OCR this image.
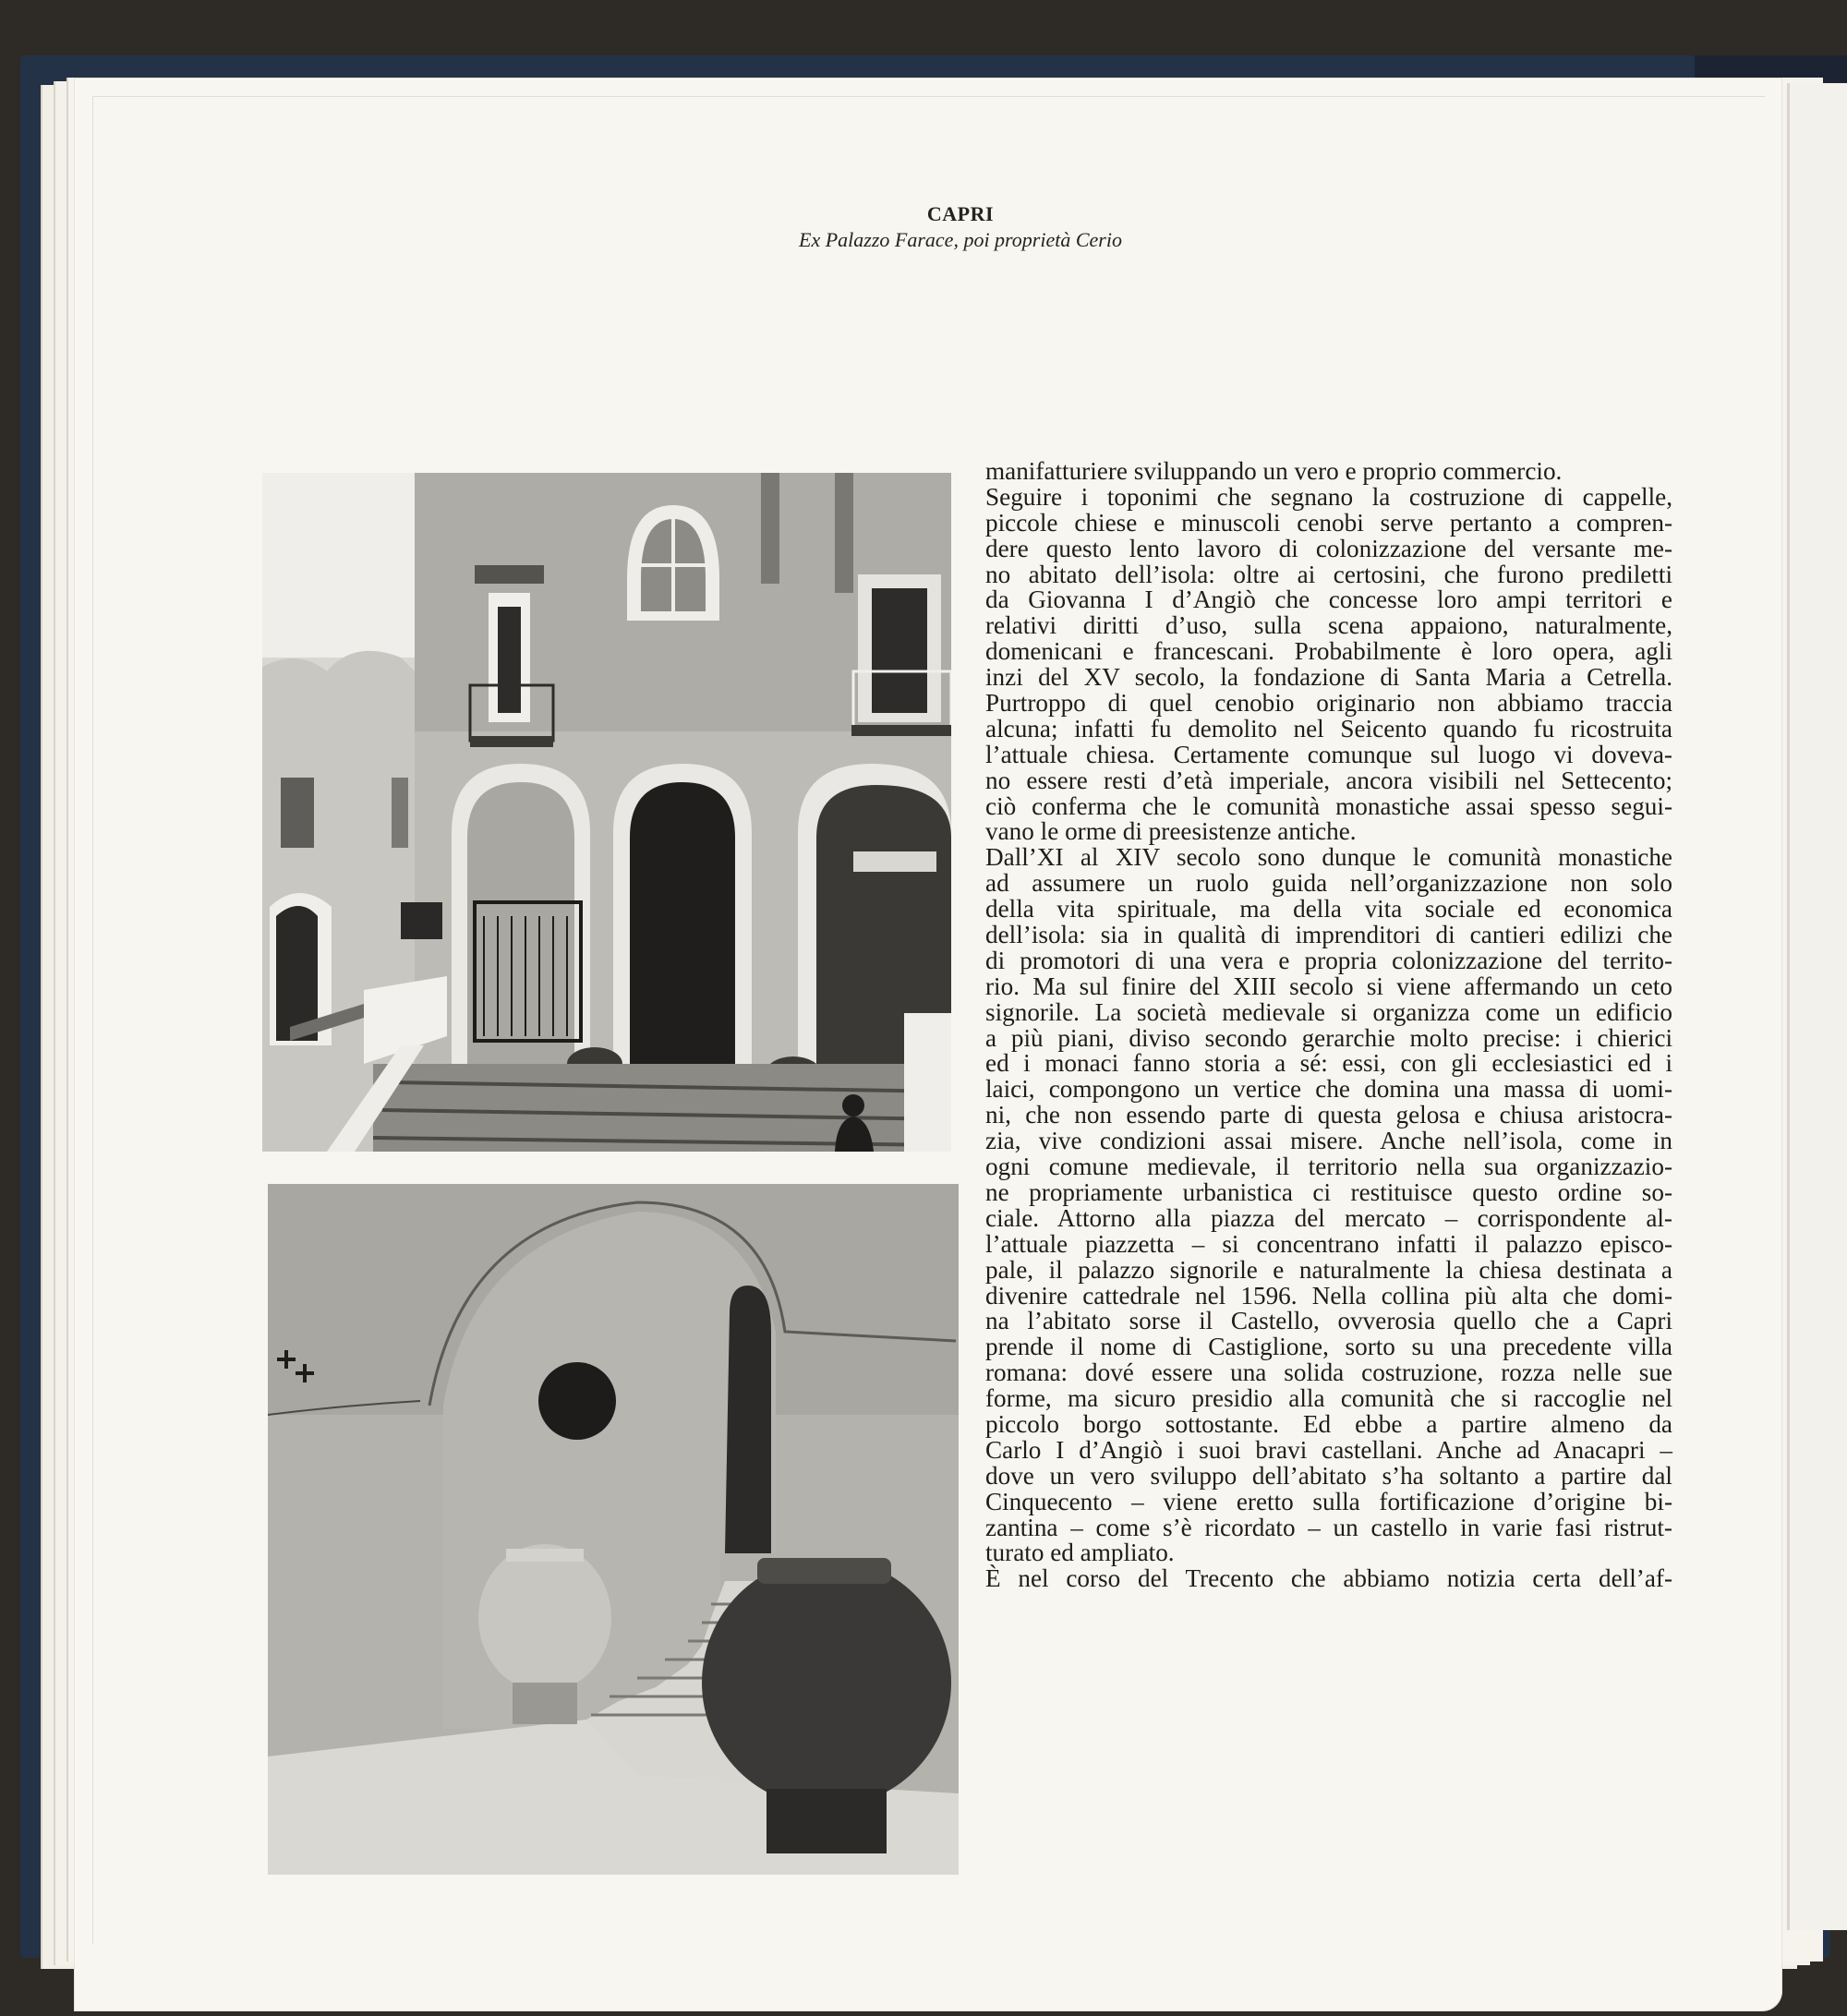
CAPRI
Ex Palazzo Farace, poi proprietà Cerio
manifatturiere sviluppando un vero e proprio commercio.
Seguire i toponimi che segnano la costruzione di cappelle,
piccole chiese e minuscoli cenobi serve pertanto a compren-
dere questo lento lavoro di colonizzazione del versante me-
no abitato dell’isola: oltre ai certosini, che furono prediletti
da Giovanna I d’Angiò che concesse loro ampi territori e
relativi diritti d’uso, sulla scena appaiono, naturalmente,
domenicani e francescani. Probabilmente è loro opera, agli
inzi del XV secolo, la fondazione di Santa Maria a Cetrella.
Purtroppo di quel cenobio originario non abbiamo traccia
alcuna; infatti fu demolito nel Seicento quando fu ricostruita
l’attuale chiesa. Certamente comunque sul luogo vi doveva-
no essere resti d’età imperiale, ancora visibili nel Settecento;
ciò conferma che le comunità monastiche assai spesso segui-
vano le orme di preesistenze antiche.
Dall’XI al XIV secolo sono dunque le comunità monastiche
ad assumere un ruolo guida nell’organizzazione non solo
della vita spirituale, ma della vita sociale ed economica
dell’isola: sia in qualità di imprenditori di cantieri edilizi che
di promotori di una vera e propria colonizzazione del territo-
rio. Ma sul finire del XIII secolo si viene affermando un ceto
signorile. La società medievale si organizza come un edificio
a più piani, diviso secondo gerarchie molto precise: i chierici
ed i monaci fanno storia a sé: essi, con gli ecclesiastici ed i
laici, compongono un vertice che domina una massa di uomi-
ni, che non essendo parte di questa gelosa e chiusa aristocra-
zia, vive condizioni assai misere. Anche nell’isola, come in
ogni comune medievale, il territorio nella sua organizzazio-
ne propriamente urbanistica ci restituisce questo ordine so-
ciale. Attorno alla piazza del mercato – corrispondente al-
l’attuale piazzetta – si concentrano infatti il palazzo episco-
pale, il palazzo signorile e naturalmente la chiesa destinata a
divenire cattedrale nel 1596. Nella collina più alta che domi-
na l’abitato sorse il Castello, ovverosia quello che a Capri
prende il nome di Castiglione, sorto su una precedente villa
romana: dové essere una solida costruzione, rozza nelle sue
forme, ma sicuro presidio alla comunità che si raccoglie nel
piccolo borgo sottostante. Ed ebbe a partire almeno da
Carlo I d’Angiò i suoi bravi castellani. Anche ad Anacapri –
dove un vero sviluppo dell’abitato s’ha soltanto a partire dal
Cinquecento – viene eretto sulla fortificazione d’origine bi-
zantina – come s’è ricordato – un castello in varie fasi ristrut-
turato ed ampliato.
È nel corso del Trecento che abbiamo notizia certa dell’af-
